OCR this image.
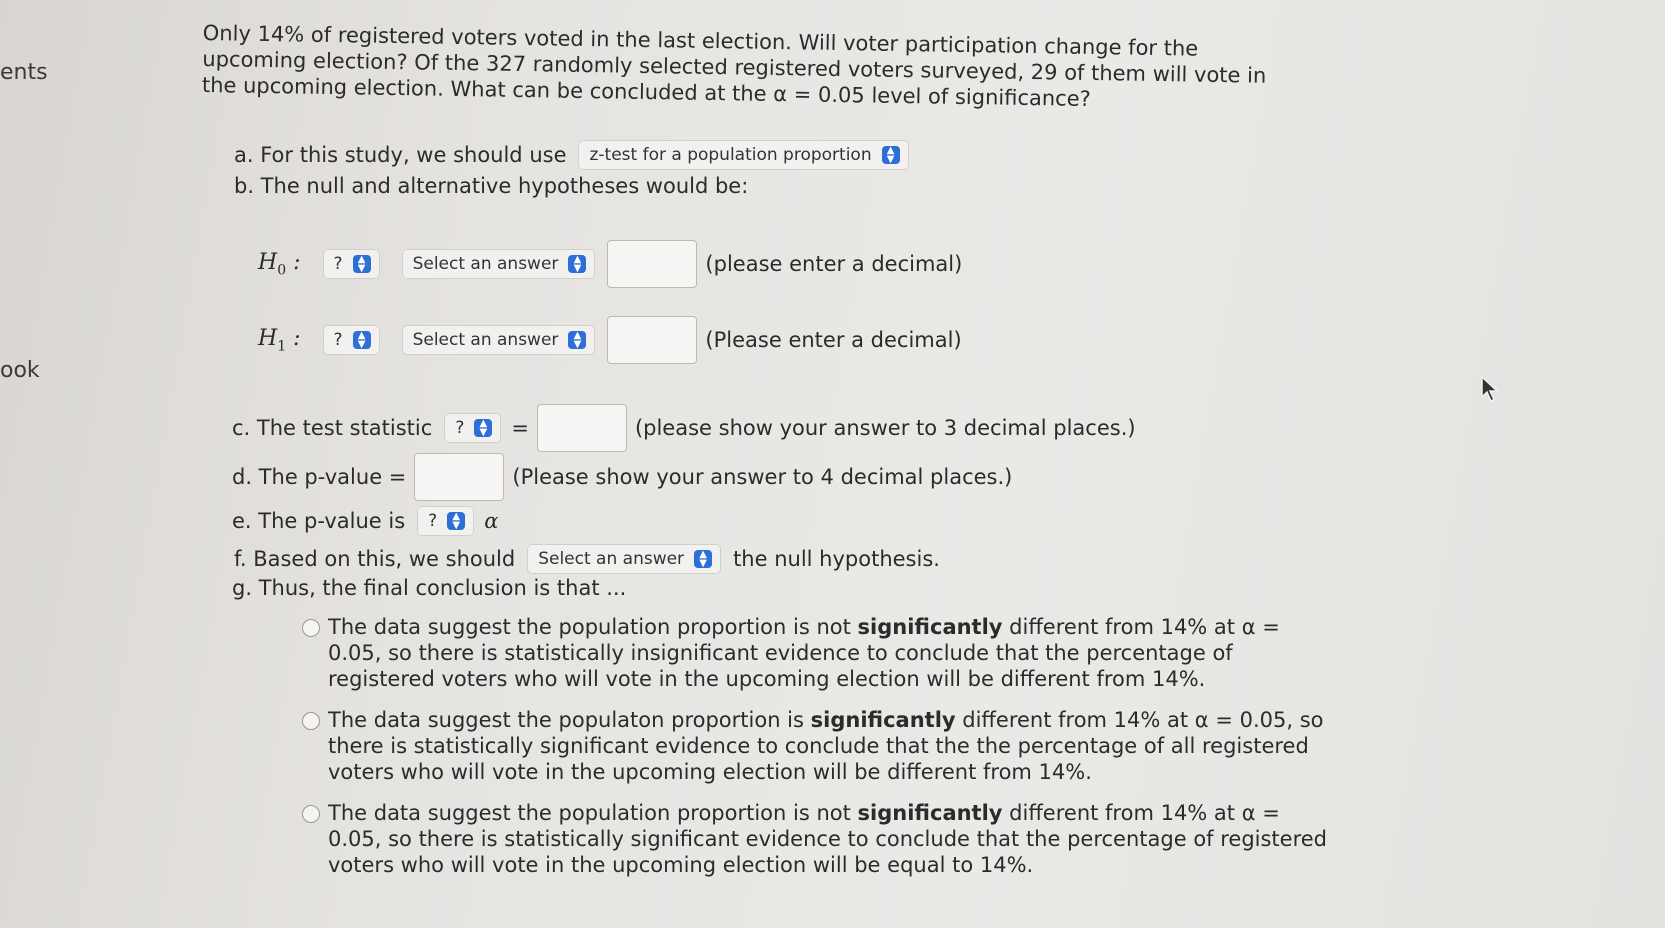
ents
ook
Only 14% of registered voters voted in the last election. Will voter participation change for the upcoming election? Of the 327 randomly selected registered voters surveyed, 29 of them will vote in the upcoming election. What can be concluded at the α = 0.05 level of significance?
a. For this study, we should use z-test for a population proportion	▲
▼
b. The null and alternative hypotheses would be:
$H_0$ : ?	▲
▼	Select an answer	▲
▼	(please enter a decimal)
$H_1$ : ?	▲
▼	Select an answer	▲
▼	(Please enter a decimal)
c. The test statistic ?	▲
▼ =	(please show your answer to 3 decimal places.)
d. The p-value =	(Please show your answer to 4 decimal places.)
e. The p-value is ?	▲
▼ α
f. Based on this, we should Select an answer	▲
▼ the null hypothesis.
g. Thus, the final conclusion is that ...
The data suggest the population proportion is not significantly different from 14% at α = 0.05, so there is statistically insignificant evidence to conclude that the percentage of registered voters who will vote in the upcoming election will be different from 14%.
The data suggest the populaton proportion is significantly different from 14% at α = 0.05, so there is statistically significant evidence to conclude that the the percentage of all registered voters who will vote in the upcoming election will be different from 14%.
The data suggest the population proportion is not significantly different from 14% at α = 0.05, so there is statistically significant evidence to conclude that the percentage of registered voters who will vote in the upcoming election will be equal to 14%.
